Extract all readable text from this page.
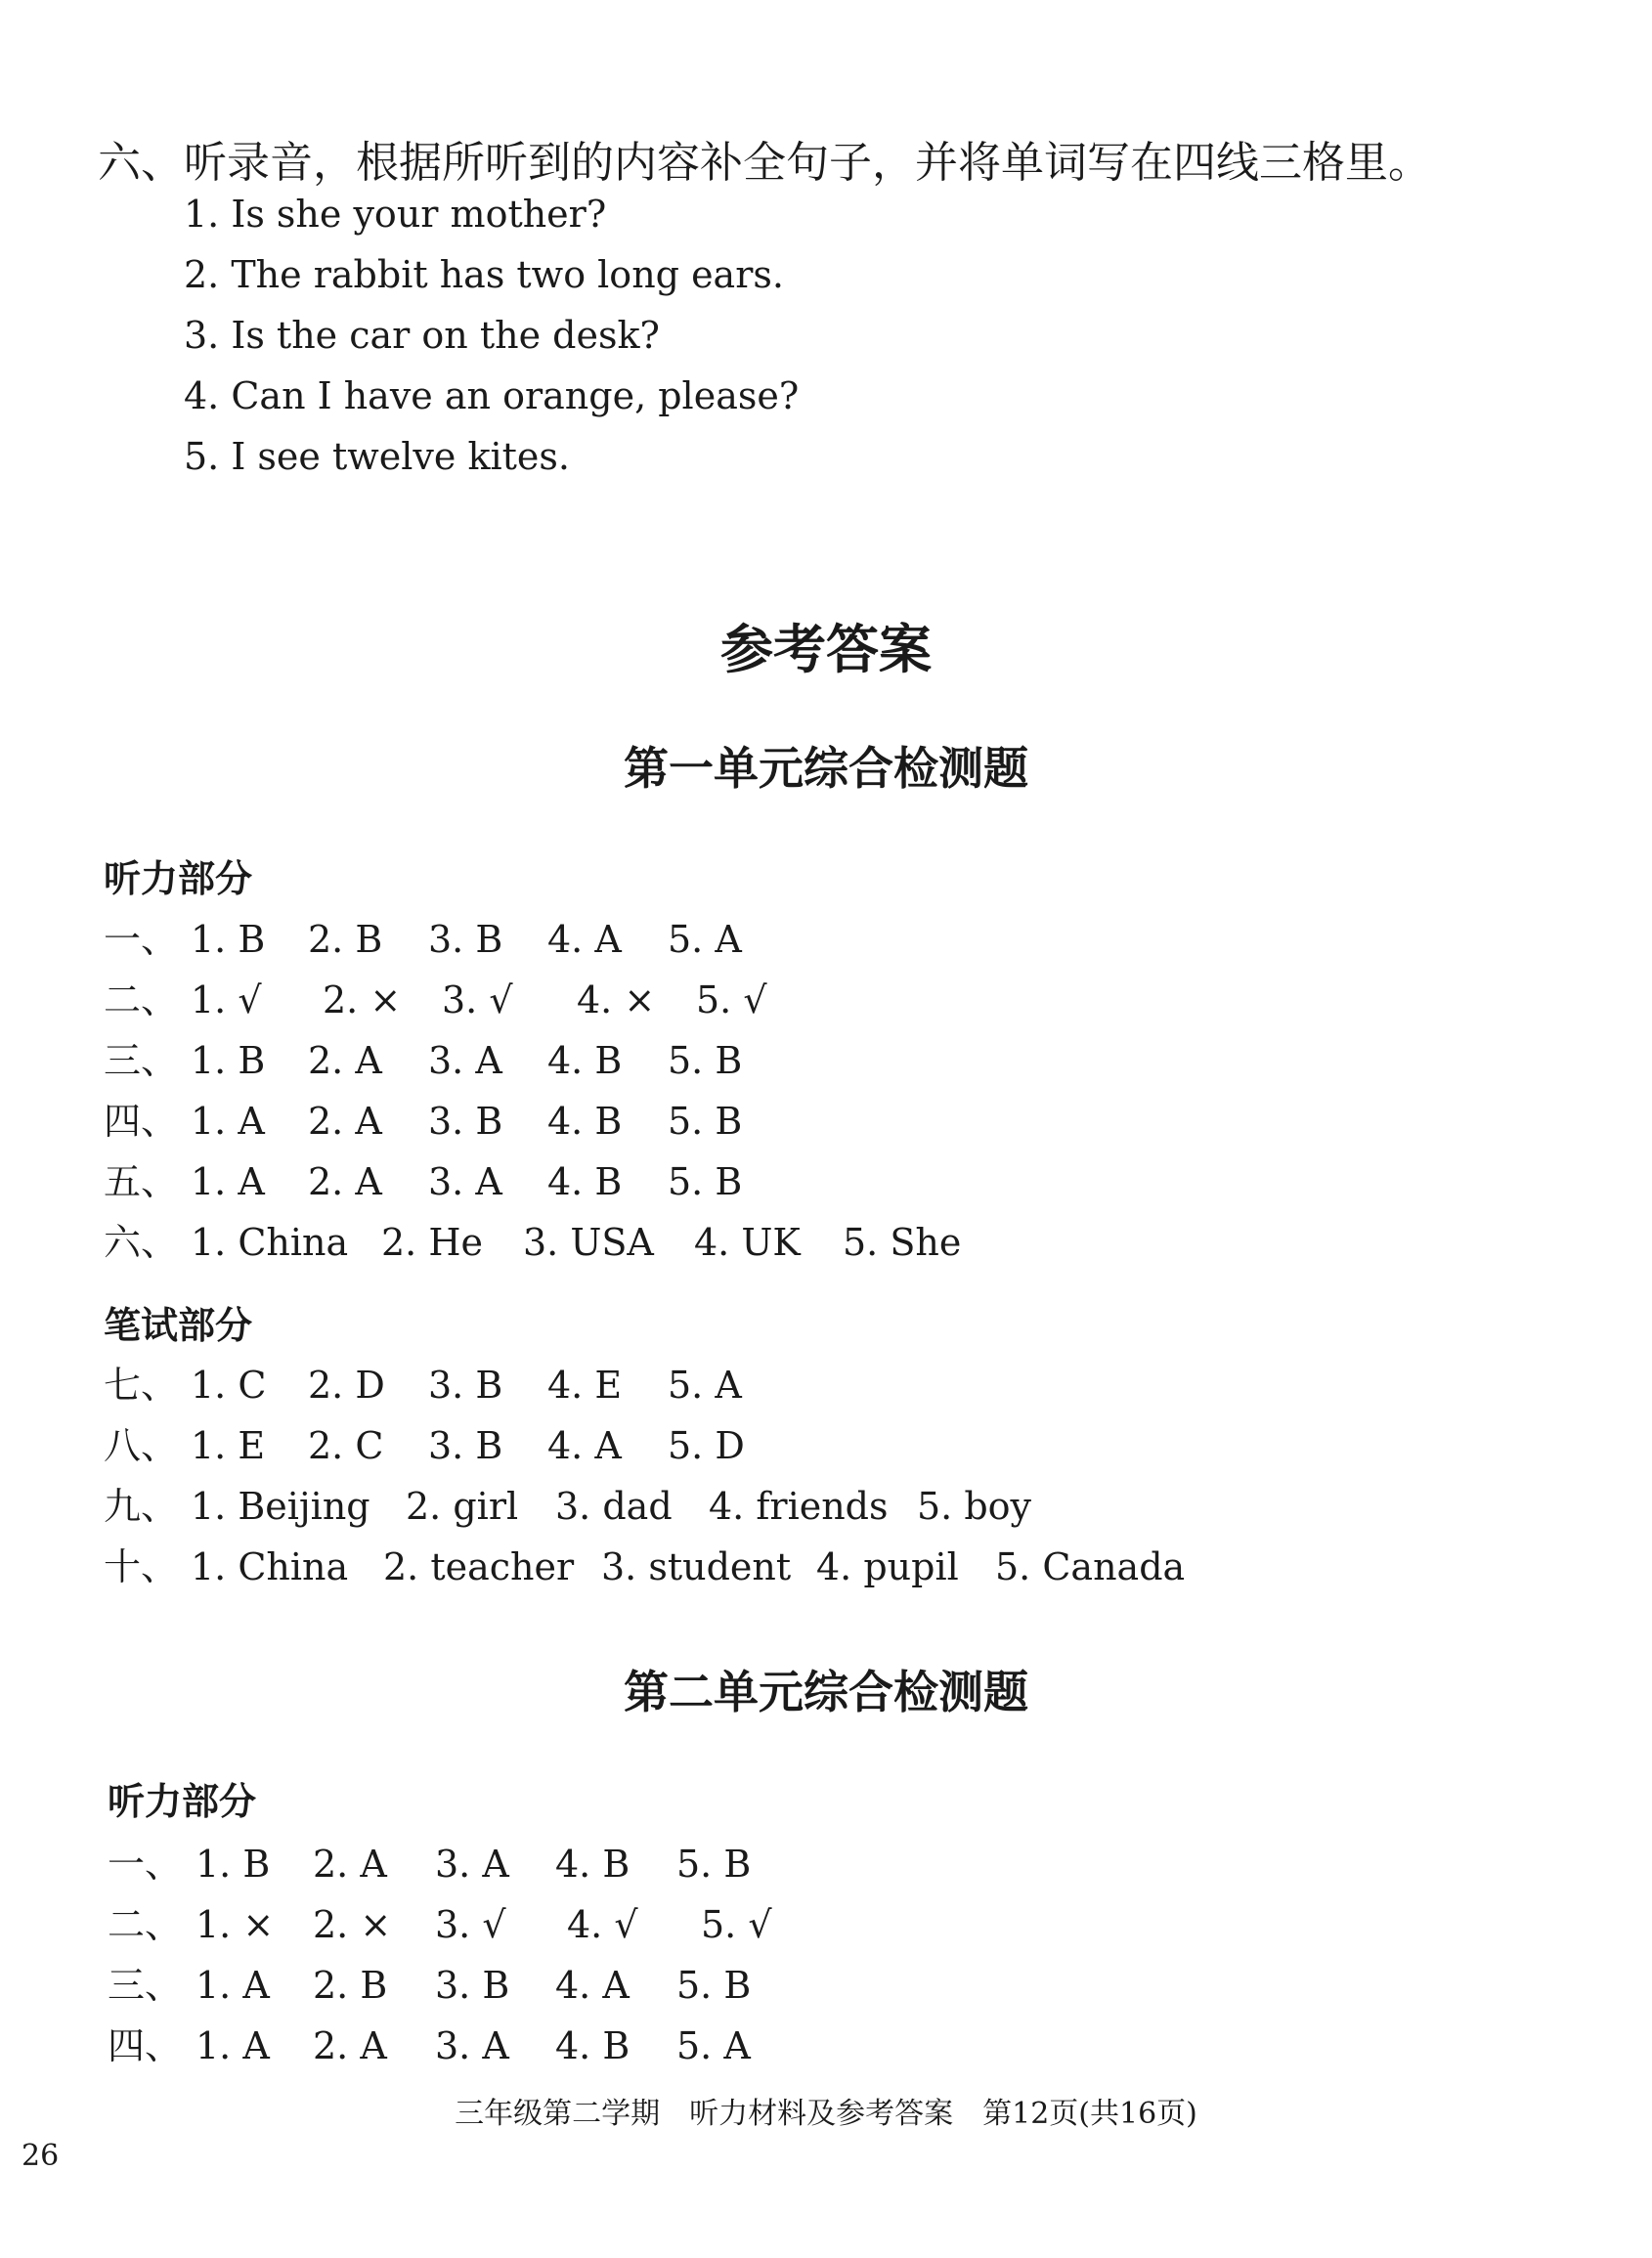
六、听录音，根据所听到的内容补全句子，并将单词写在四线三格里。
1. Is she your mother?
2. The rabbit has two long ears.
3. Is the car on the desk?
4. Can I have an orange, please?
5. I see twelve kites.
参考答案
第一单元综合检测题
听力部分
一、 1. B 2. B 3. B 4. A 5. A
二、 1. √ 2. × 3. √ 4. × 5. √
三、 1. B 2. A 3. A 4. B 5. B
四、 1. A 2. A 3. B 4. B 5. B
五、 1. A 2. A 3. A 4. B 5. B
六、 1. China 2. He 3. USA 4. UK 5. She
笔试部分
七、 1. C 2. D 3. B 4. E 5. A
八、 1. E 2. C 3. B 4. A 5. D
九、 1. Beijing 2. girl 3. dad 4. friends 5. boy
十、 1. China 2. teacher 3. student 4. pupil 5. Canada
第二单元综合检测题
听力部分
一、 1. B 2. A 3. A 4. B 5. B
二、 1. × 2. × 3. √ 4. √ 5. √
三、 1. A 2. B 3. B 4. A 5. B
四、 1. A 2. A 3. A 4. B 5. A
三年级第二学期　听力材料及参考答案　第12页(共16页)
26
